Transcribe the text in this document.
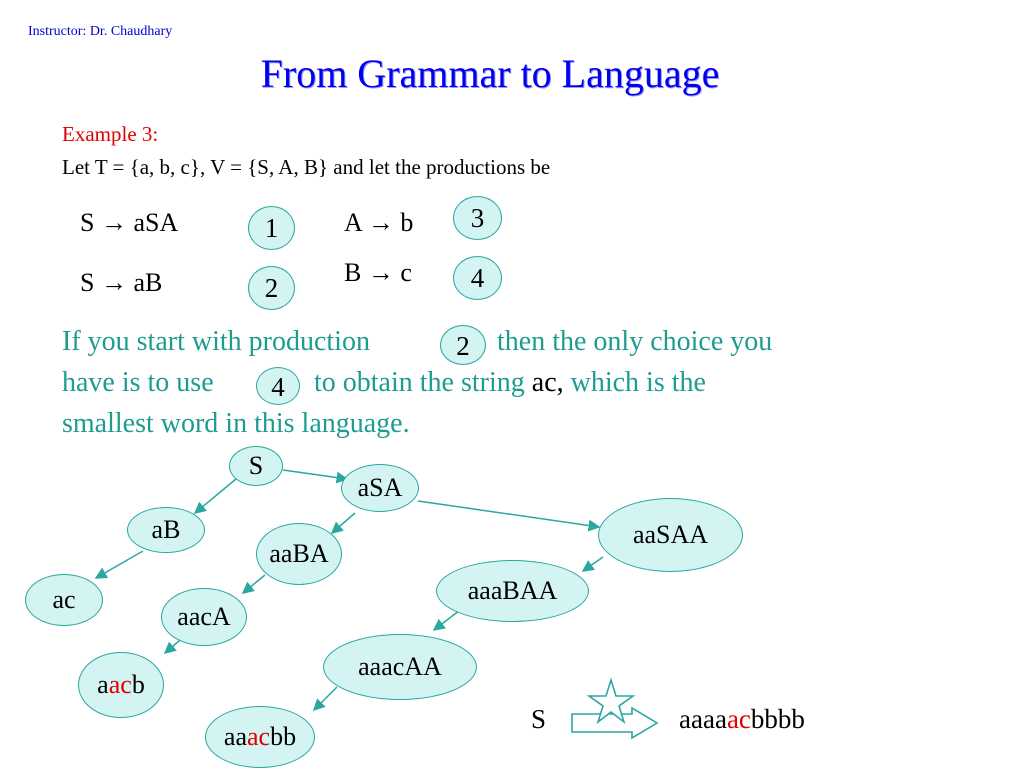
Instructor: Dr. Chaudhary
From Grammar to Language
Example 3:
Let T = {a, b, c}, V = {S, A, B} and let the productions be
S → aSA	1
S → aB	2
A → b	3
B → c	4
If you start with production	2 then the only choice you
have is to use	4	to obtain the string ac, which is the
smallest word in this language.
S
aSA
aB
ac
aaBA
aacA
a ac b
aaSAA
aaaBAA
aaacAA
aa ac bb
S	aaaaacbbbb
